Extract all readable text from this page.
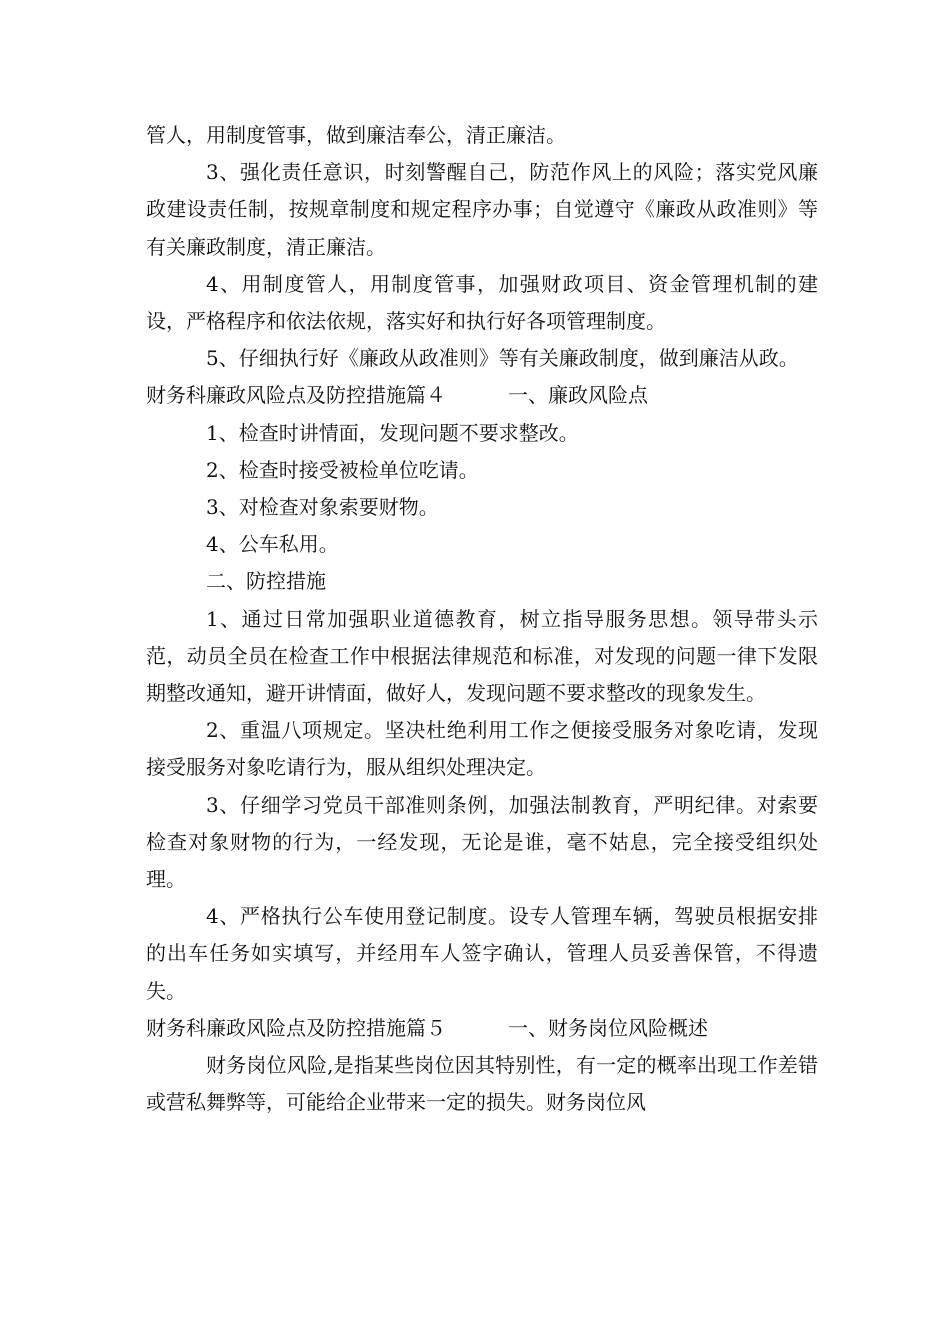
管人，用制度管事，做到廉洁奉公，清正廉洁。

3、强化责任意识，时刻警醒自己，防范作风上的风险；落实党风廉政建设责任制，按规章制度和规定程序办事；自觉遵守《廉政从政准则》等有关廉政制度，清正廉洁。

4、用制度管人，用制度管事，加强财政项目、资金管理机制的建设，严格程序和依法依规，落实好和执行好各项管理制度。

5、仔细执行好《廉政从政准则》等有关廉政制度，做到廉洁从政。

财务科廉政风险点及防控措施篇４	一、廉政风险点

1、检查时讲情面，发现问题不要求整改。

2、检查时接受被检单位吃请。

3、对检查对象索要财物。

4、公车私用。

二、防控措施

1、通过日常加强职业道德教育，树立指导服务思想。领导带头示范，动员全员在检查工作中根据法律规范和标准，对发现的问题一律下发限期整改通知，避开讲情面，做好人，发现问题不要求整改的现象发生。

2、重温八项规定。坚决杜绝利用工作之便接受服务对象吃请，发现接受服务对象吃请行为，服从组织处理决定。

3、仔细学习党员干部准则条例，加强法制教育，严明纪律。对索要检查对象财物的行为，一经发现，无论是谁，毫不姑息，完全接受组织处理。

4、严格执行公车使用登记制度。设专人管理车辆，驾驶员根据安排的出车任务如实填写，并经用车人签字确认，管理人员妥善保管，不得遗失。

财务科廉政风险点及防控措施篇５	一、财务岗位风险概述

财务岗位风险,是指某些岗位因其特别性，有一定的概率出现工作差错或营私舞弊等，可能给企业带来一定的损失。财务岗位风
